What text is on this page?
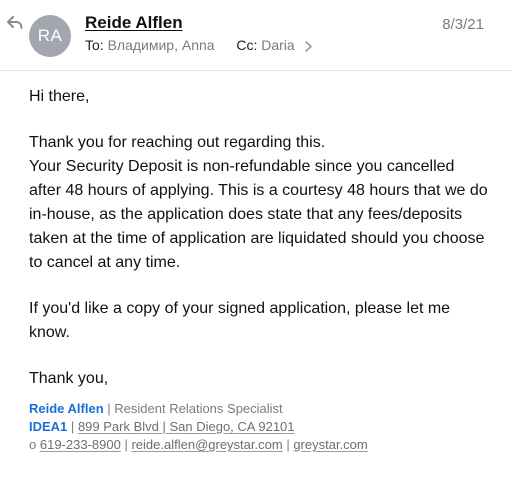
RA
Reide Alflen	8/3/21
To: Владимир, Anna Cc: Daria

Hi there,

Thank you for reaching out regarding this.

Your Security Deposit is non-refundable since you cancelled after 48 hours of applying. This is a courtesy 48 hours that we do in-house, as the application does state that any fees/deposits taken at the time of application are liquidated should you choose to cancel at any time.

If you'd like a copy of your signed application, please let me know.

Thank you,

Reide Alflen | Resident Relations Specialist
IDEA1 | 899 Park Blvd | San Diego, CA 92101
o 619-233-8900 | reide.alflen@greystar.com | greystar.com
